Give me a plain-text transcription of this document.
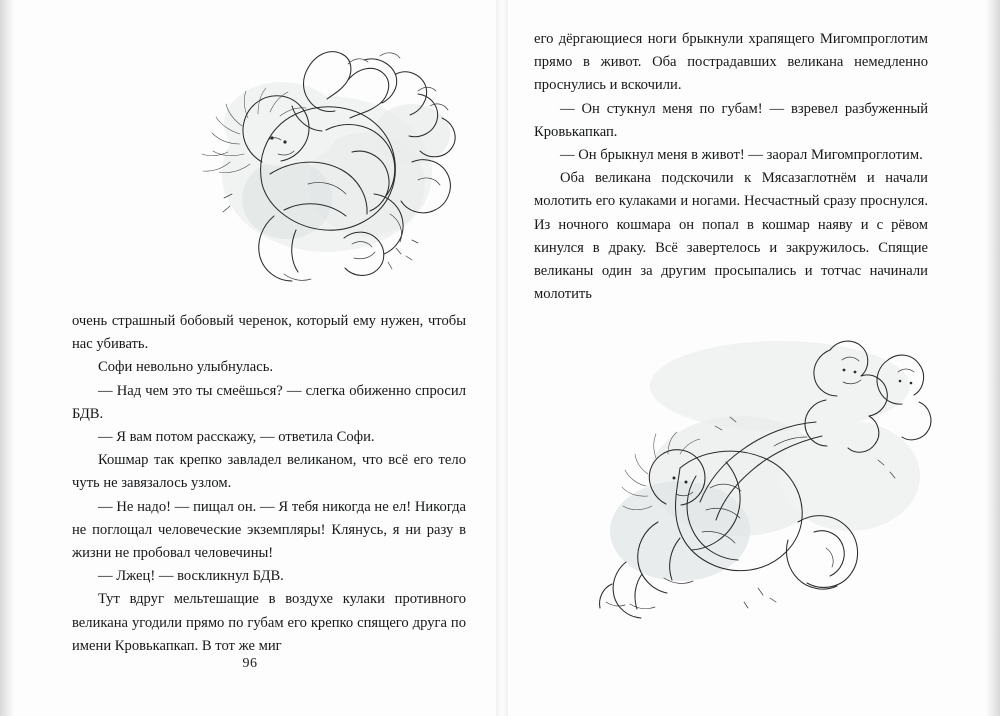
очень страшный бобовый черенок, который ему нужен, чтобы нас убивать.

Софи невольно улыбнулась.

— Над чем это ты смеёшься? — слегка обиженно спросил БДВ.

— Я вам потом расскажу, — ответила Софи.

Кошмар так крепко завладел великаном, что всё его тело чуть не завязалось узлом.

— Не надо! — пищал он. — Я тебя никогда не ел! Никогда не поглощал человеческие экземпляры! Клянусь, я ни разу в жизни не пробовал человечины!

— Лжец! — воскликнул БДВ.

Тут вдруг мельтешащие в воздухе кулаки противного великана угодили прямо по губам его крепко спящего друга по имени Кровькапкап. В тот же миг

96

его дёргающиеся ноги брыкнули храпящего Мигомпроглотим прямо в живот. Оба пострадавших великана немедленно проснулись и вскочили.

— Он стукнул меня по губам! — взревел разбуженный Кровькапкап.

— Он брыкнул меня в живот! — заорал Мигомпроглотим.

Оба великана подскочили к Мясазаглотнём и начали молотить его кулаками и ногами. Несчастный сразу проснулся. Из ночного кошмара он попал в кошмар наяву и с рёвом кинулся в драку. Всё завертелось и закружилось. Спящие великаны один за другим просыпались и тотчас начинали молотить
